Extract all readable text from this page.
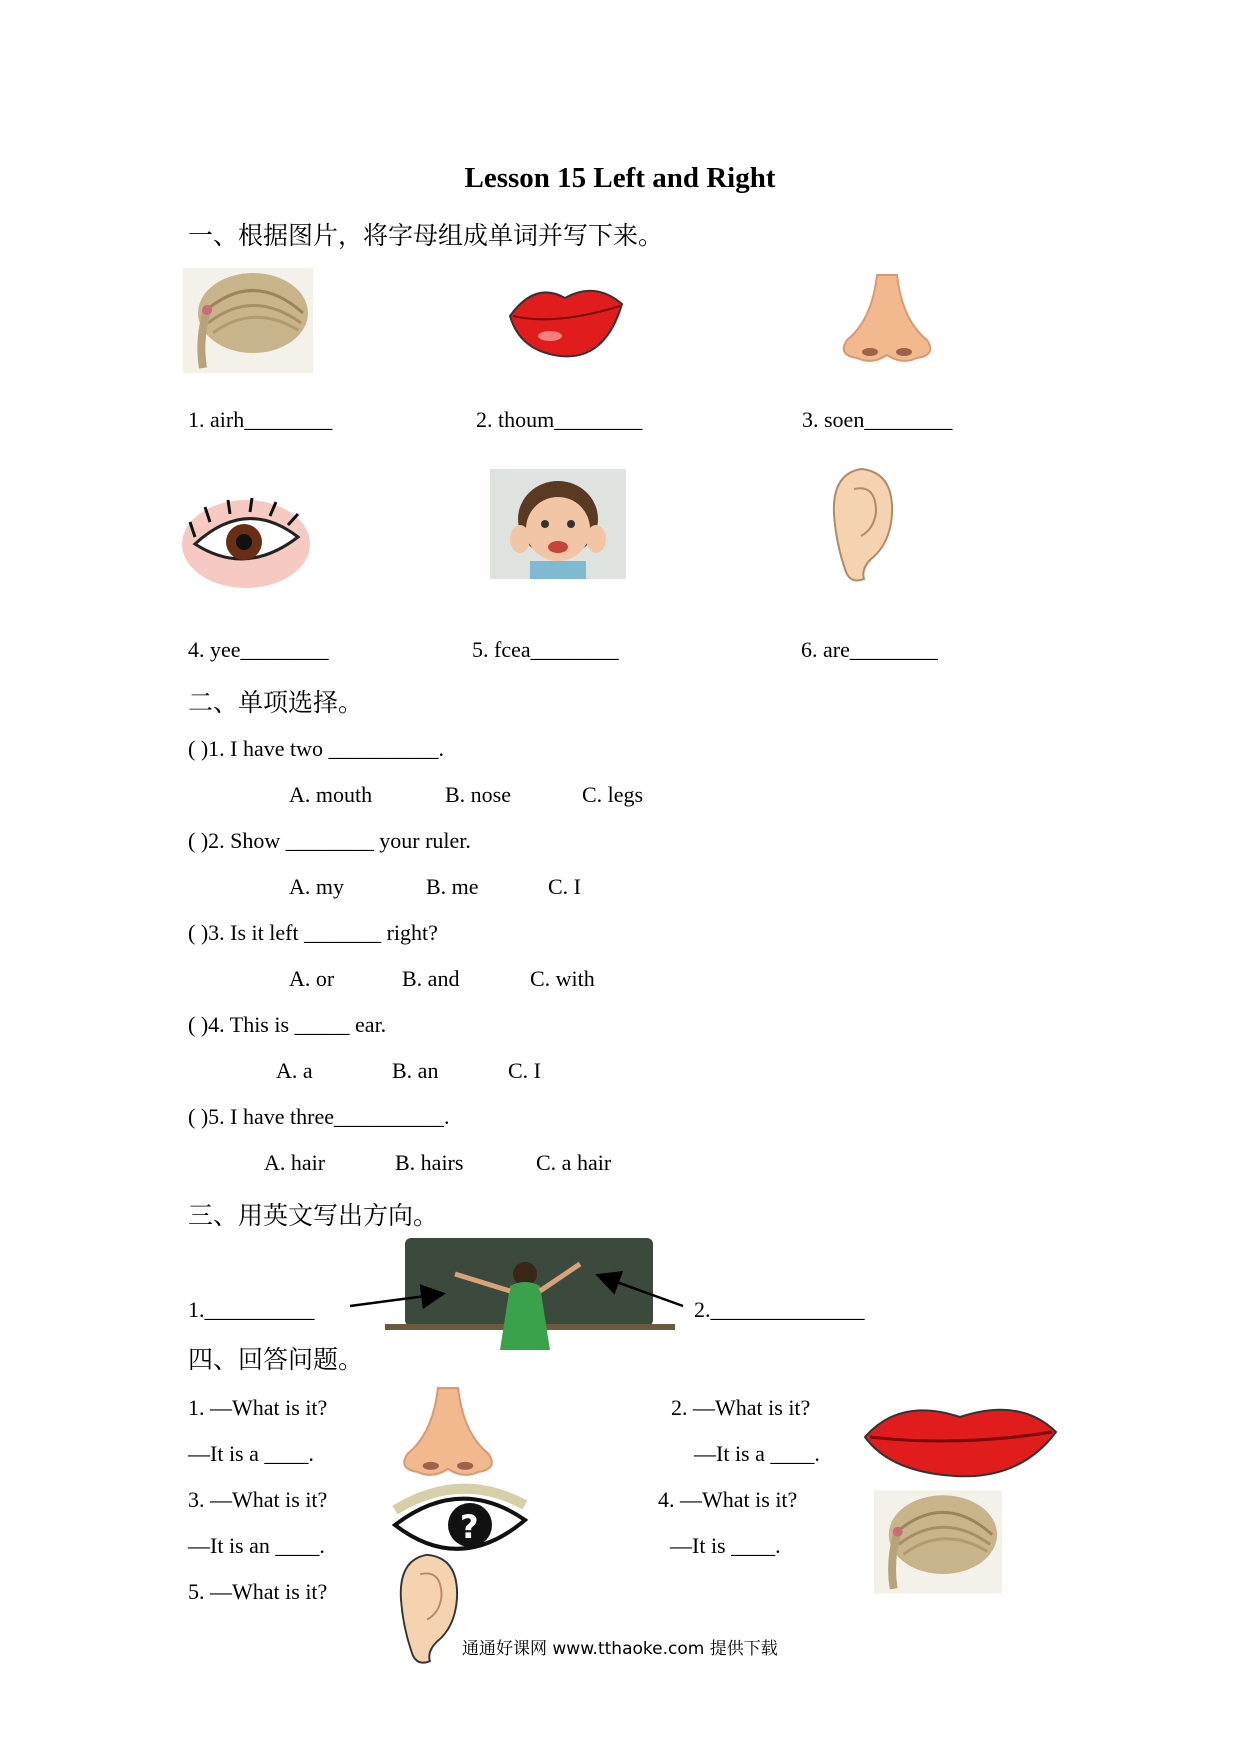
Lesson 15 Left and Right
一、根据图片，将字母组成单词并写下来。
1. airh________	2. thoum________	3. soen________
4. yee________	5. fcea________	6. are________
二、单项选择。
( )1. I have two __________.
A. mouth	B. nose	C. legs
( )2. Show ________ your ruler.
A. my	B. me	C. I
( )3. Is it left _______ right?
A. or	B. and	C. with
( )4. This is _____ ear.
A. a	B. an	C. I
( )5. I have three__________.
A. hair	B. hairs	C. a hair
三、用英文写出方向。
1.__________	2.______________
四、回答问题。
1. —What is it?
—It is a ____.
2. —What is it?
—It is a ____.
3. —What is it?
—It is an ____.
4. —What is it?
—It is ____.
5. —What is it?
?
通通好课网 www.tthaoke.com 提供下载
